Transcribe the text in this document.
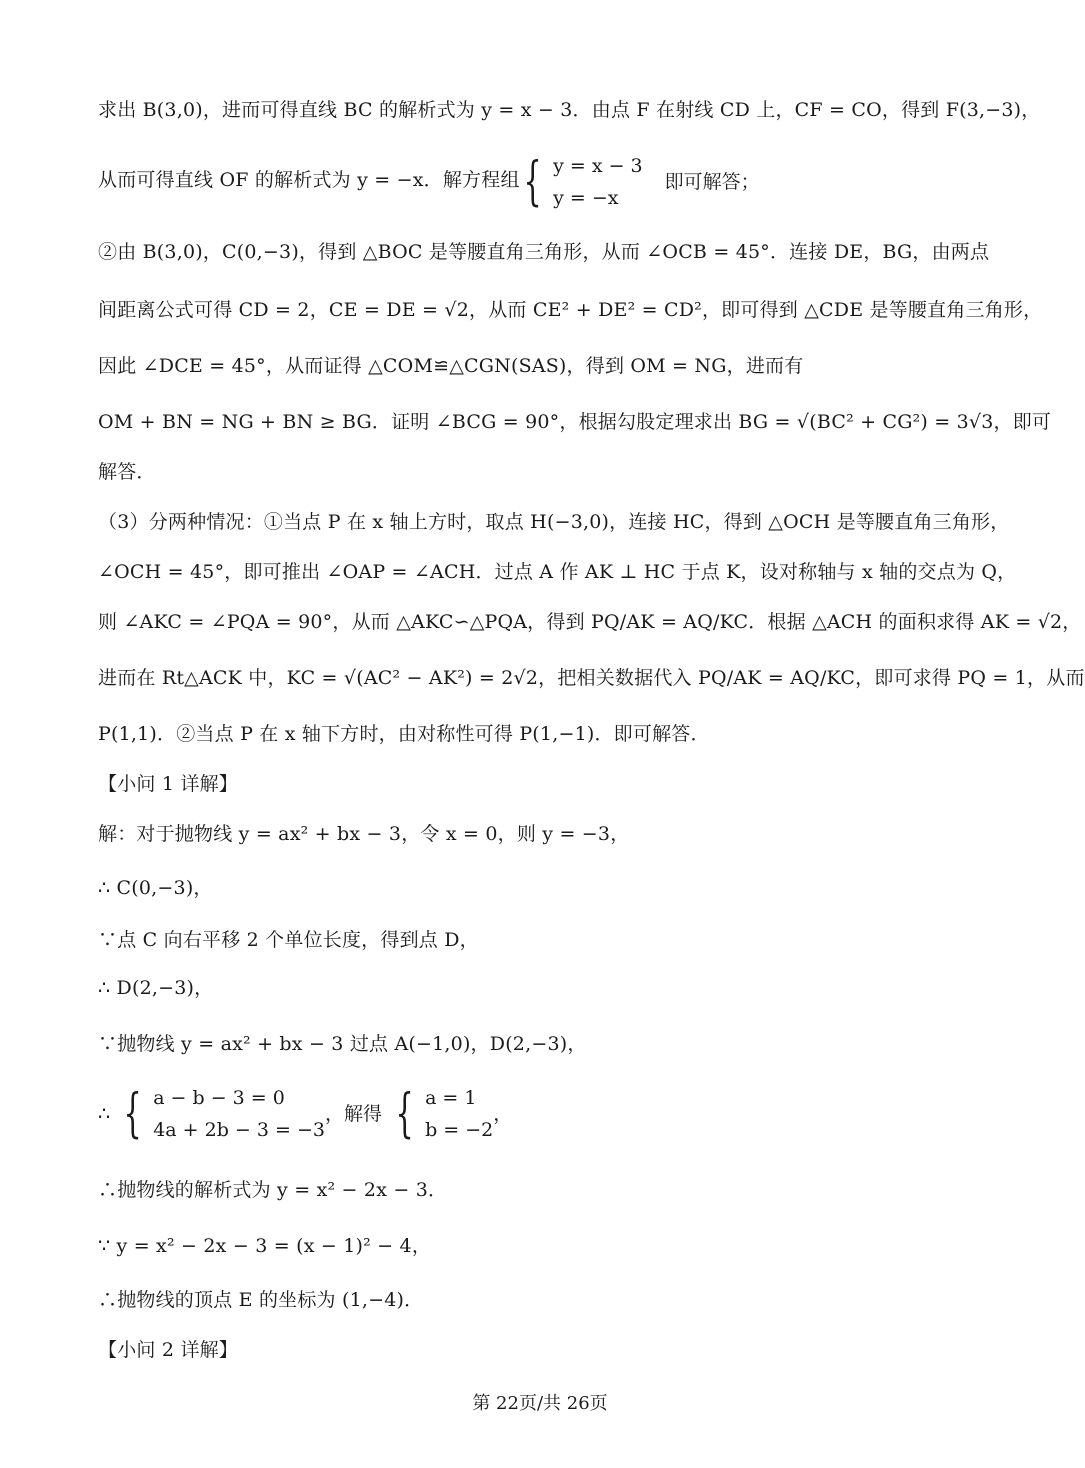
求出 B(3,0)，进而可得直线 BC 的解析式为 y = x − 3．由点 F 在射线 CD 上，CF = CO，得到 F(3,−3)，
从而可得直线 OF 的解析式为 y = −x．解方程组 { y = x − 3
y = −x
即可解答；
②由 B(3,0)，C(0,−3)，得到 △BOC 是等腰直角三角形，从而 ∠OCB = 45°．连接 DE，BG，由两点
间距离公式可得 CD = 2，CE = DE = √2，从而 CE² + DE² = CD²，即可得到 △CDE 是等腰直角三角形，
因此 ∠DCE = 45°，从而证得 △COM≌△CGN(SAS)，得到 OM = NG，进而有
OM + BN = NG + BN ≥ BG．证明 ∠BCG = 90°，根据勾股定理求出 BG = √(BC² + CG²) = 3√3，即可
解答．
（3）分两种情况：①当点 P 在 x 轴上方时，取点 H(−3,0)，连接 HC，得到 △OCH 是等腰直角三角形，
∠OCH = 45°，即可推出 ∠OAP = ∠ACH．过点 A 作 AK ⊥ HC 于点 K，设对称轴与 x 轴的交点为 Q，
则 ∠AKC = ∠PQA = 90°，从而 △AKC∽△PQA，得到 PQ/AK = AQ/KC．根据 △ACH 的面积求得 AK = √2，
进而在 Rt△ACK 中，KC = √(AC² − AK²) = 2√2，把相关数据代入 PQ/AK = AQ/KC，即可求得 PQ = 1，从而
P(1,1)．②当点 P 在 x 轴下方时，由对称性可得 P(1,−1)．即可解答．
【小问 1 详解】
解：对于抛物线 y = ax² + bx − 3，令 x = 0，则 y = −3，
∴ C(0,−3)，
∵点 C 向右平移 2 个单位长度，得到点 D，
∴ D(2,−3)，
∵抛物线 y = ax² + bx − 3 过点 A(−1,0)，D(2,−3)，
∴ { a − b − 3 = 0
4a + 2b − 3 = −3
，解得 { a = 1
b = −2
，
∴抛物线的解析式为 y = x² − 2x − 3．
∵ y = x² − 2x − 3 = (x − 1)² − 4，
∴抛物线的顶点 E 的坐标为 (1,−4)．
【小问 2 详解】
第 22页/共 26页
